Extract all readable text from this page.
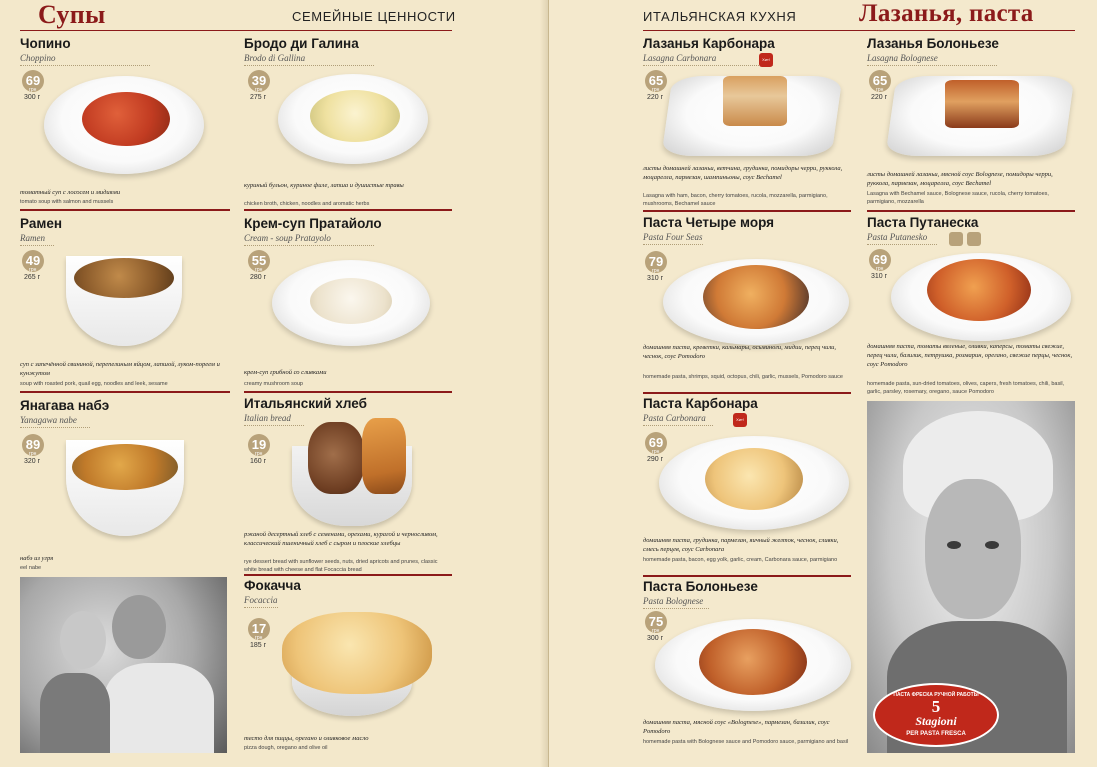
Супы	СЕМЕЙНЫЕ ЦЕННОСТИ
Чопино
Choppino
69
грн
300 г
томатный суп с лососем и мидиями
tomato soup with salmon and mussels
Бродо ди Галина
Brodo di Gallina
39
грн
275 г
куриный бульон, куриное филе, лапша и душистые травы
chicken broth, chicken, noodles and aromatic herbs
Рамен
Ramen
49
грн
265 г
суп с запечённой свининой, перепелиным яйцом, лапшой, луком-пореем и кунжутом
soup with roasted pork, quail egg, noodles and leek, sesame
Крем-суп Пратайоло
Cream - soup Pratayolo
55
грн
280 г
крем-суп грибной со сливками
creamy mushroom soup
Янагава набэ
Yanagawa nabe
89
грн
320 г
набэ из угря
eel nabe
Итальянский хлеб
Italian bread
19
грн
160 г
ржаной десертный хлеб с семенами, орехами, курагой и черносливом, классический пшеничный хлеб с сыром и плоские хлебцы
rye dessert bread with sunflower seeds, nuts, dried apricots and prunes, classic white bread with cheese and flat Focaccia bread
Фокачча
Focaccia
17
грн
185 г
тесто для пиццы, орегано и оливковое масло
pizza dough, oregano and olive oil
ИТАЛЬЯНСКАЯ КУХНЯ	Лазанья, паста
Лазанья Карбонара
Lasagna Carbonara	Хит!
65
грн
220 г
листы домашней лазаньи, ветчина, грудинка, помидоры черри, руккола, моцарелла, пармезан, шампиньоны, соус Bechamel
Lasagna with ham, bacon, cherry tomatoes, rucola, mozzarella, parmigiano, mushrooms, Bechamel sauce
Лазанья Болоньезе
Lasagna Bolognese
65
грн
220 г
листы домашней лазаньи, мясной соус Bolognese, помидоры черри, руккола, пармезан, моцарелла, соус Bechamel
Lasagna with Bechamel sauce, Bolognese sauce, rucola, cherry tomatoes, parmigiano, mozzarella
Паста Четыре моря
Pasta Four Seas
79
грн
310 г
домашняя паста, креветки, кальмары, осьминоги, мидии, перец чили, чеснок, соус Pomodoro
homemade pasta, shrimps, squid, octopus, chili, garlic, mussels, Pomodoro sauce
Паста Путанеска
Pasta Putanesko
69
грн
310 г
домашняя паста, томаты вяленые, оливки, каперсы, томаты свежие, перец чили, базилик, петрушка, розмарин, орегано, свежие перцы, чеснок, соус Pomodoro
homemade pasta, sun-dried tomatoes, olives, capers, fresh tomatoes, chili, basil, garlic, parsley, rosemary, oregano, sauce Pomodoro
Паста Карбонара
Pasta Carbonara	Хит!
69
грн
290 г
домашняя паста, грудинка, пармезан, яичный желток, чеснок, сливки, смесь перцев, соус Carbonara
homemade pasta, bacon, egg yolk, garlic, cream, Carbonara sauce, parmigiano
Паста Болоньезе
Pasta Bolognese
75
грн
300 г
домашняя паста, мясной соус «Bolognese», пармезан, базилик, соус Pomodoro
homemade pasta with Bolognese sauce and Pomodoro sauce, parmigiano and basil
ПАСТА ФРЕСКА РУЧНОЙ РАБОТЫ
5
Stagioni
PER PASTA FRESCA
